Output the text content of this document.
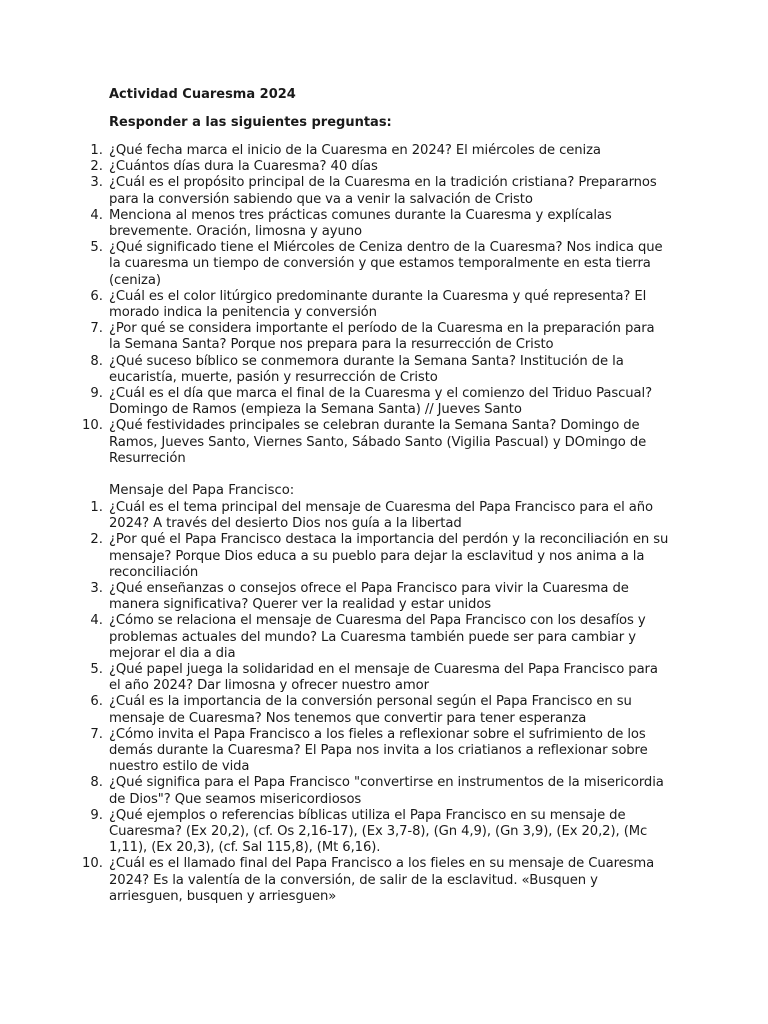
Actividad Cuaresma 2024
Responder a las siguientes preguntas:
1. ¿Qué fecha marca el inicio de la Cuaresma en 2024? El miércoles de ceniza
2. ¿Cuántos días dura la Cuaresma? 40 días
3. ¿Cuál es el propósito principal de la Cuaresma en la tradición cristiana? Prepararnos para la conversión sabiendo que va a venir la salvación de Cristo
4. Menciona al menos tres prácticas comunes durante la Cuaresma y explícalas brevemente. Oración, limosna y ayuno
5. ¿Qué significado tiene el Miércoles de Ceniza dentro de la Cuaresma? Nos indica que la cuaresma un tiempo de conversión y que estamos temporalmente en esta tierra (ceniza)
6. ¿Cuál es el color litúrgico predominante durante la Cuaresma y qué representa? El morado indica la penitencia y conversión
7. ¿Por qué se considera importante el período de la Cuaresma en la preparación para la Semana Santa? Porque nos prepara para la resurrección de Cristo
8. ¿Qué suceso bíblico se conmemora durante la Semana Santa? Institución de la eucaristía, muerte, pasión y resurrección de Cristo
9. ¿Cuál es el día que marca el final de la Cuaresma y el comienzo del Triduo Pascual? Domingo de Ramos (empieza la Semana Santa) // Jueves Santo
10. ¿Qué festividades principales se celebran durante la Semana Santa? Domingo de Ramos, Jueves Santo, Viernes Santo, Sábado Santo (Vigilia Pascual) y DOmingo de Resurreción

Mensaje del Papa Francisco:

1. ¿Cuál es el tema principal del mensaje de Cuaresma del Papa Francisco para el año 2024? A través del desierto Dios nos guía a la libertad
2. ¿Por qué el Papa Francisco destaca la importancia del perdón y la reconciliación en su mensaje? Porque Dios educa a su pueblo para dejar la esclavitud y nos anima a la reconciliación
3. ¿Qué enseñanzas o consejos ofrece el Papa Francisco para vivir la Cuaresma de manera significativa? Querer ver la realidad y estar unidos
4. ¿Cómo se relaciona el mensaje de Cuaresma del Papa Francisco con los desafíos y problemas actuales del mundo? La Cuaresma también puede ser para cambiar y mejorar el dia a dia
5. ¿Qué papel juega la solidaridad en el mensaje de Cuaresma del Papa Francisco para el año 2024? Dar limosna y ofrecer nuestro amor
6. ¿Cuál es la importancia de la conversión personal según el Papa Francisco en su mensaje de Cuaresma? Nos tenemos que convertir para tener esperanza
7. ¿Cómo invita el Papa Francisco a los fieles a reflexionar sobre el sufrimiento de los demás durante la Cuaresma? El Papa nos invita a los criatianos a reflexionar sobre nuestro estilo de vida
8. ¿Qué significa para el Papa Francisco "convertirse en instrumentos de la misericordia de Dios"? Que seamos misericordiosos
9. ¿Qué ejemplos o referencias bíblicas utiliza el Papa Francisco en su mensaje de Cuaresma? (Ex 20,2), (cf. Os 2,16-17), (Ex 3,7-8), (Gn 4,9), (Gn 3,9), (Ex 20,2), (Mc 1,11), (Ex 20,3), (cf. Sal 115,8), (Mt 6,16).
10. ¿Cuál es el llamado final del Papa Francisco a los fieles en su mensaje de Cuaresma 2024? Es la valentía de la conversión, de salir de la esclavitud. «Busquen y arriesguen, busquen y arriesguen»
